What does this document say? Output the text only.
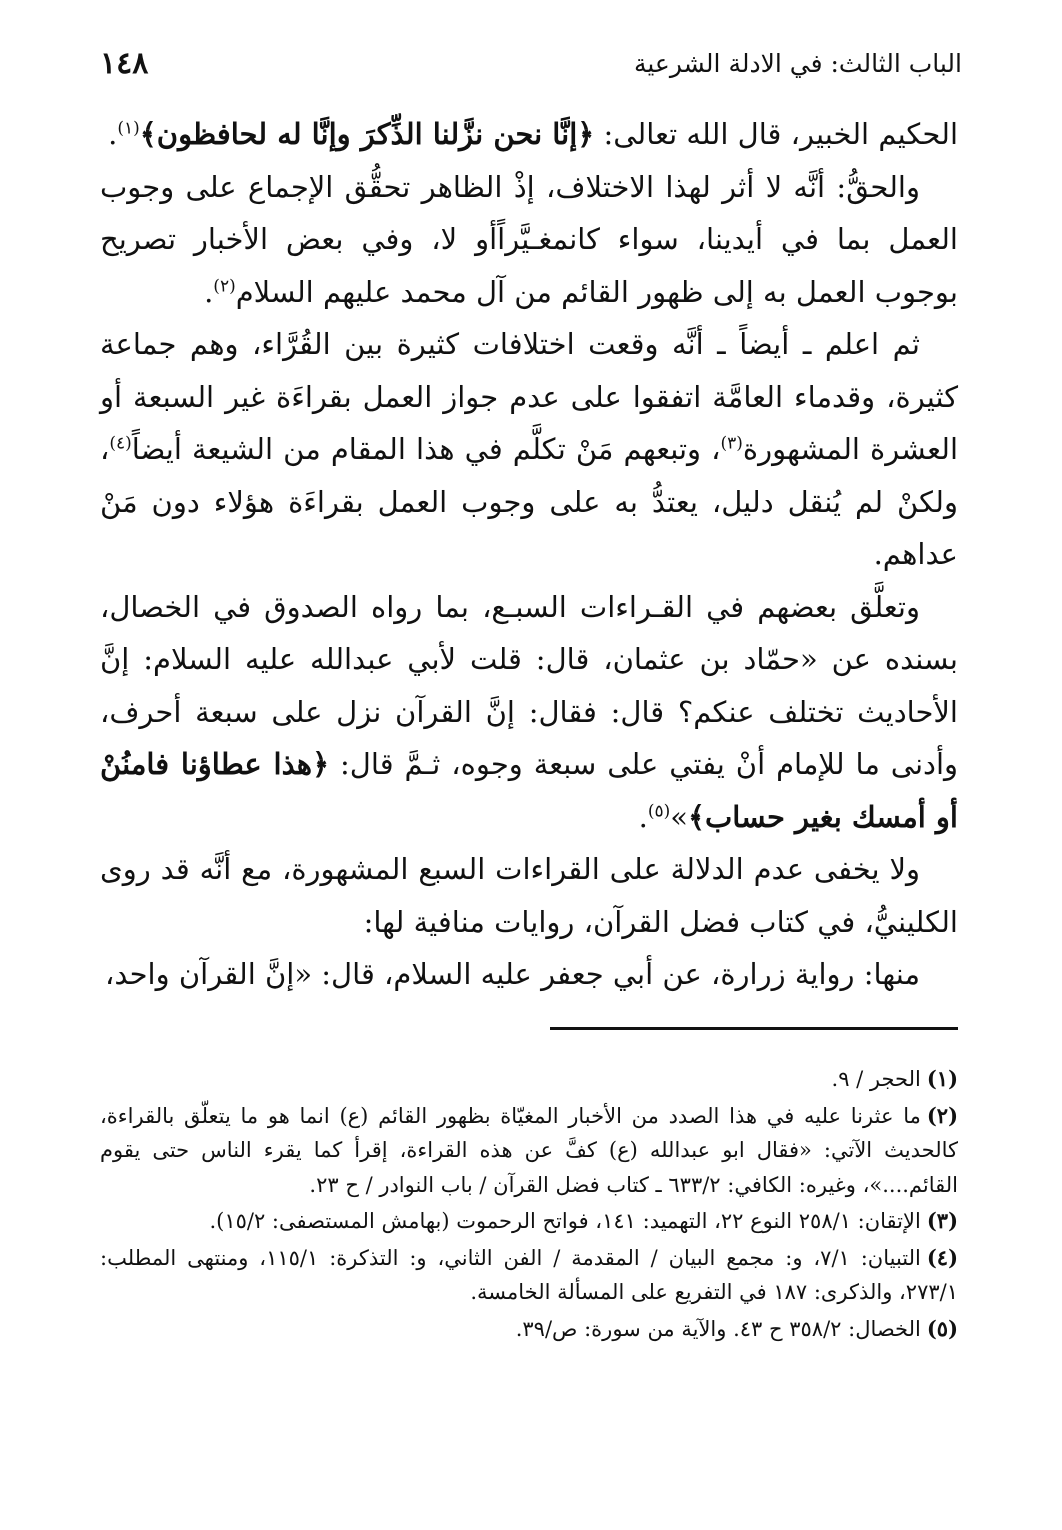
الباب الثالث: في الادلة الشرعية
١٤٨

الحكيم الخبير، قال الله تعالى: ﴿إنَّا نحن نزَّلنا الذِّكرَ وإنَّا له لحافظون﴾$^{(١)}$.

والحقُّ: أنَّه لا أثر لهذا الاختلاف، إذْ الظاهر تحقُّق الإجماع على وجوب العمل بما في أيدينا، سواء كانمغـيَّراًأو لا، وفي بعض الأخبار تصريح بوجوب العمل به إلى ظهور القائم من آل محمد عليهم السلام$^{(٢)}$.

ثم اعلم ـ أيضاً ـ أنَّه وقعت اختلافات كثيرة بين القُرَّاء، وهم جماعة كثيرة، وقدماء العامَّة اتفقوا على عدم جواز العمل بقراءَة غير السبعة أو العشرة المشهورة$^{(٣)}$، وتبعهم مَنْ تكلَّم في هذا المقام من الشيعة أيضاً$^{(٤)}$، ولكنْ لم يُنقل دليل، يعتدُّ به على وجوب العمل بقراءَة هؤلاء دون مَنْ عداهم.

وتعلَّق بعضهم في القـراءات السبـع، بما رواه الصدوق في الخصال، بسنده عن «حمّاد بن عثمان، قال: قلت لأبي عبدالله عليه السلام: إنَّ الأحاديث تختلف عنكم؟ قال: فقال: إنَّ القرآن نزل على سبعة أحرف، وأدنى ما للإمام أنْ يفتي على سبعة وجوه، ثـمَّ قال: ﴿هذا عطاؤنا فامنُنْ أو أمسك بغير حساب﴾»$^{(٥)}$.

ولا يخفى عدم الدلالة على القراءات السبع المشهورة، مع أنَّه قد روى الكلينيُّ، في كتاب فضل القرآن، روايات منافية لها:

منها: رواية زرارة، عن أبي جعفر عليه السلام، قال: «إنَّ القرآن واحد،

(١)الحجر / ٩.
(٢)ما عثرنا عليه في هذا الصدد من الأخبار المغيّاة بظهور القائم (ع) انما هو ما يتعلّق بالقراءة، كالحديث الآتي: «فقال ابو عبدالله (ع) كفَّ عن هذه القراءة، إقرأ كما يقرء الناس حتى يقوم القائم....»، وغيره: الكافي: ٦٣٣/٢ ـ كتاب فضل القرآن / باب النوادر / ح ٢٣.
(٣)الإتقان: ٢٥٨/١ النوع ٢٢، التهميد: ١٤١، فواتح الرحموت (بهامش المستصفى: ١٥/٢).
(٤)التبيان: ٧/١، و: مجمع البيان / المقدمة / الفن الثاني، و: التذكرة: ١١٥/١، ومنتهى المطلب: ٢٧٣/١، والذكرى: ١٨٧ في التفريع على المسألة الخامسة.
(٥)الخصال: ٣٥٨/٢ ح ٤٣. والآية من سورة: ص/٣٩.
